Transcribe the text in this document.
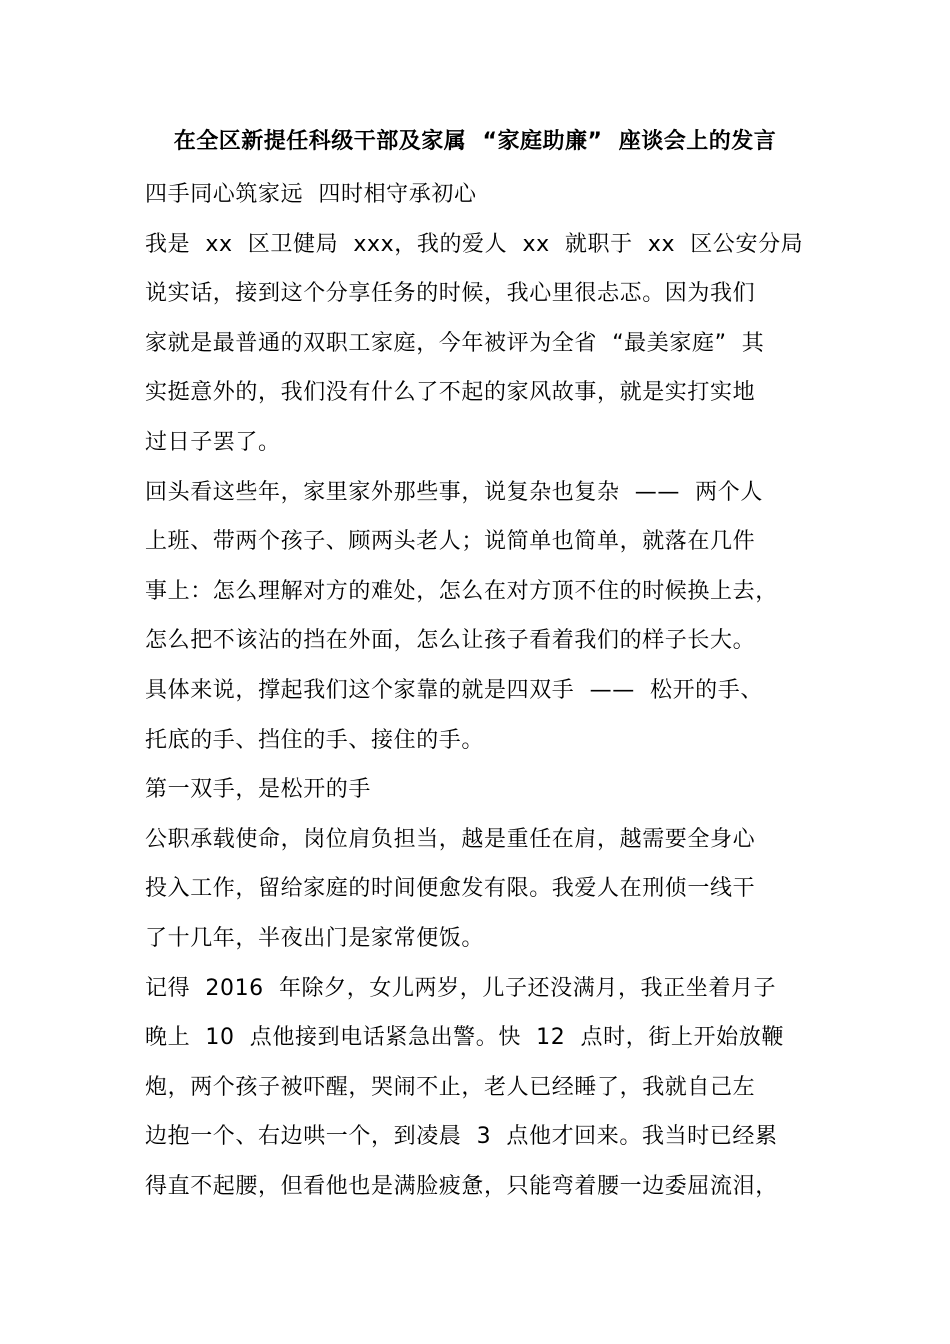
在全区新提任科级干部及家属  “家庭助廉”  座谈会上的发言
四手同心筑家远  四时相守承初心
我是  xx  区卫健局  xxx，我的爱人  xx  就职于  xx  区公安分局
说实话，接到这个分享任务的时候，我心里很忐忑。因为我们
家就是最普通的双职工家庭，今年被评为全省  “最美家庭”  其
实挺意外的，我们没有什么了不起的家风故事，就是实打实地
过日子罢了。
回头看这些年，家里家外那些事，说复杂也复杂  ——  两个人
上班、带两个孩子、顾两头老人；说简单也简单，就落在几件
事上：怎么理解对方的难处，怎么在对方顶不住的时候换上去，
怎么把不该沾的挡在外面，怎么让孩子看着我们的样子长大。
具体来说，撑起我们这个家靠的就是四双手  ——  松开的手、
托底的手、挡住的手、接住的手。
第一双手，是松开的手
公职承载使命，岗位肩负担当，越是重任在肩，越需要全身心
投入工作，留给家庭的时间便愈发有限。我爱人在刑侦一线干
了十几年，半夜出门是家常便饭。
记得  2016  年除夕，女儿两岁，儿子还没满月，我正坐着月子
晚上  10  点他接到电话紧急出警。快  12  点时，街上开始放鞭
炮，两个孩子被吓醒，哭闹不止，老人已经睡了，我就自己左
边抱一个、右边哄一个，到凌晨  3  点他才回来。我当时已经累
得直不起腰，但看他也是满脸疲惫，只能弯着腰一边委屈流泪，
